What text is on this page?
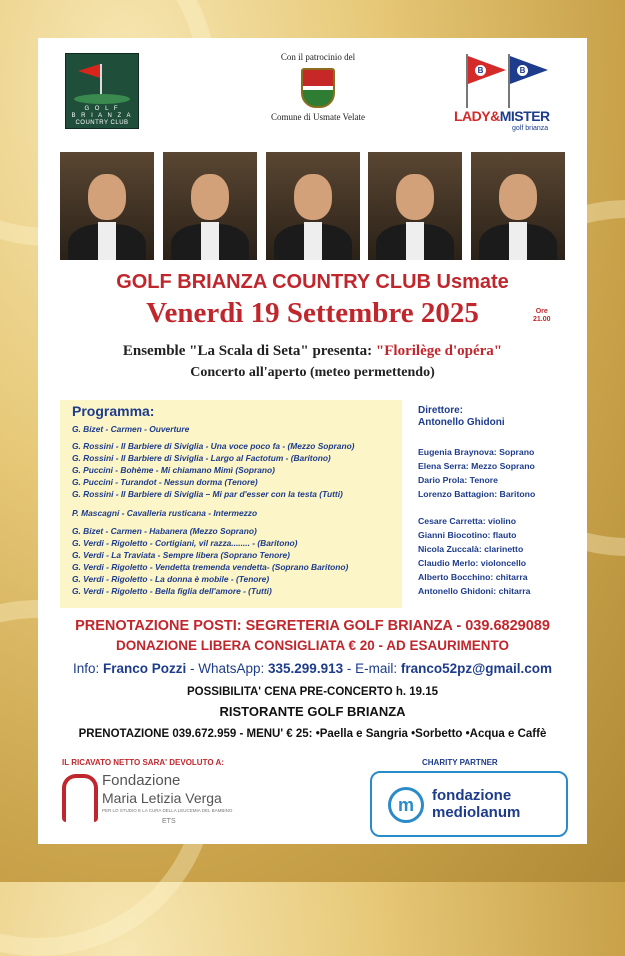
G O L F
B R I A N Z A
COUNTRY CLUB
Con il patrocinio del
Comune di Usmate Velate
B	B
LADY&MISTER
golf brianza
GOLF BRIANZA COUNTRY CLUB Usmate
Venerdì 19 Settembre 2025	Ore
21.00
Ensemble "La Scala di Seta" presenta: "Florilège d'opéra"
Concerto all'aperto (meteo permettendo)
Programma:
G. Bizet - Carmen - Ouverture
G. Rossini - Il Barbiere di Siviglia - Una voce poco fa - (Mezzo Soprano)
G. Rossini - Il Barbiere di Siviglia - Largo al Factotum - (Baritono)
G. Puccini - Bohème - Mi chiamano Mimì (Soprano)
G. Puccini - Turandot - Nessun dorma (Tenore)
G. Rossini - Il Barbiere di Siviglia – Mi par d'esser con la testa (Tutti)
P. Mascagni - Cavalleria rusticana - Intermezzo
G. Bizet - Carmen - Habanera (Mezzo Soprano)
G. Verdi - Rigoletto - Cortigiani, vil razza........ - (Baritono)
G. Verdi - La Traviata - Sempre libera (Soprano Tenore)
G. Verdi - Rigoletto - Vendetta tremenda vendetta- (Soprano Baritono)
G. Verdi - Rigoletto - La donna è mobile - (Tenore)
G. Verdi - Rigoletto - Bella figlia dell'amore - (Tutti)
Direttore:
Antonello Ghidoni
Eugenia Braynova: Soprano
Elena Serra: Mezzo Soprano
Dario Prola: Tenore
Lorenzo Battagion: Baritono
Cesare Carretta: violino
Gianni Biocotino: flauto
Nicola Zuccalà: clarinetto
Claudio Merlo: violoncello
Alberto Bocchino: chitarra
Antonello Ghidoni: chitarra
PRENOTAZIONE POSTI: SEGRETERIA GOLF BRIANZA - 039.6829089
DONAZIONE LIBERA CONSIGLIATA € 20 - AD ESAURIMENTO
Info: Franco Pozzi - WhatsApp: 335.299.913 - E-mail: franco52pz@gmail.com
POSSIBILITA' CENA PRE-CONCERTO h. 19.15
RISTORANTE GOLF BRIANZA
PRENOTAZIONE 039.672.959 - MENU' € 25: •Paella e Sangria •Sorbetto •Acqua e Caffè
IL RICAVATO NETTO SARA' DEVOLUTO A:	CHARITY PARTNER
Fondazione
Maria Letizia Verga
PER LO STUDIO E LA CURA DELLA LEUCEMIA DEL BAMBINO
ETS
m	fondazione
mediolanum
